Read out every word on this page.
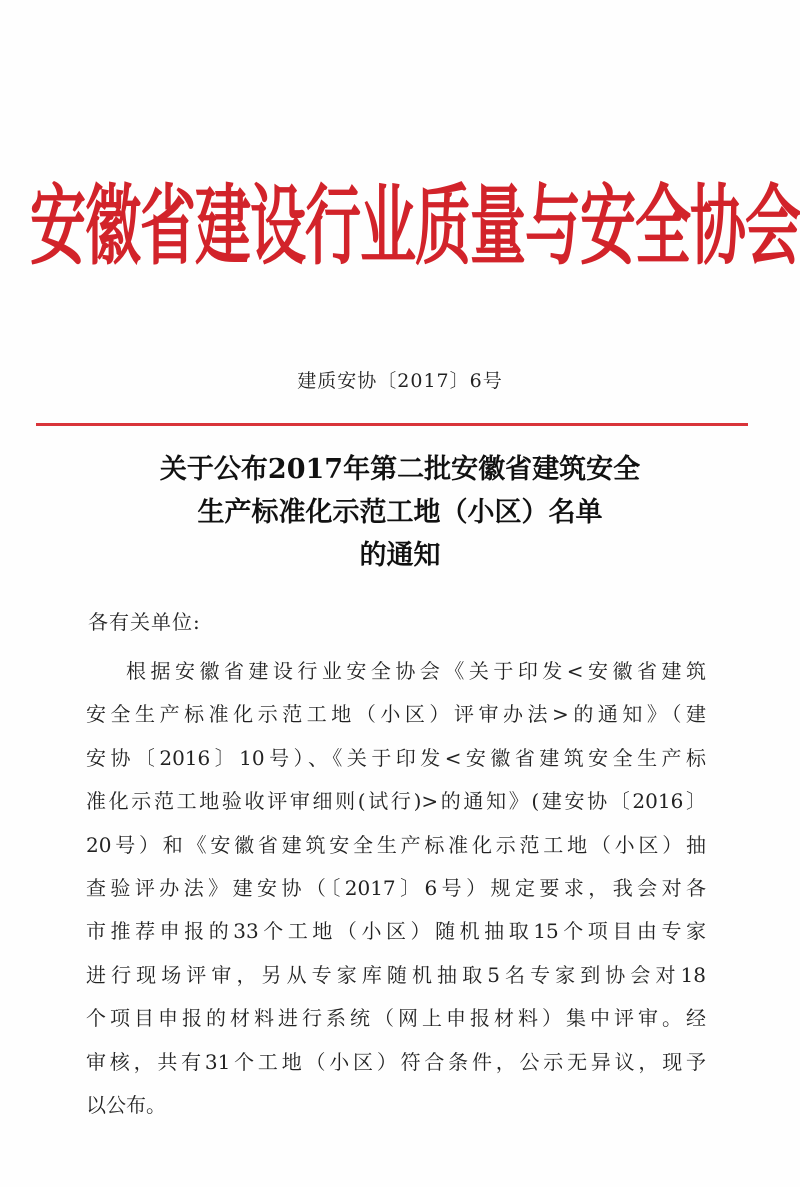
安徽省建设行业质量与安全协会
建质安协〔2017〕6号
关于公布2017年第二批安徽省建筑安全
生产标准化示范工地（小区）名单
的通知
各有关单位:
根据安徽省建设行业安全协会《关于印发<安徽省建筑
安全生产标准化示范工地（小区）评审办法>的通知》（建
安协〔2016〕10号）、《关于印发<安徽省建筑安全生产标
准化示范工地验收评审细则(试行)>的通知》(建安协〔2016〕
20号）和《安徽省建筑安全生产标准化示范工地（小区）抽
查验评办法》建安协（〔2017〕6号）规定要求，我会对各
市推荐申报的33个工地（小区）随机抽取15个项目由专家
进行现场评审，另从专家库随机抽取5名专家到协会对18
个项目申报的材料进行系统（网上申报材料）集中评审。经
审核，共有31个工地（小区）符合条件，公示无异议，现予
以公布。
